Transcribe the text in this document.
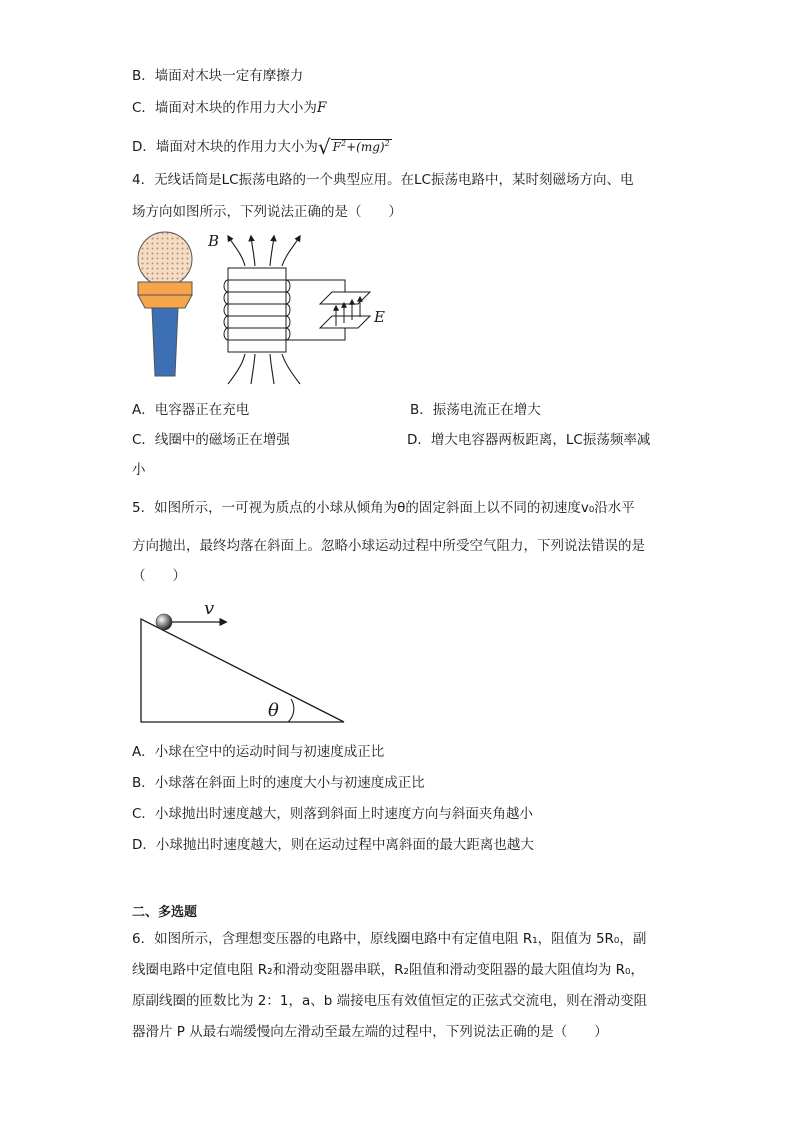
B．墙面对木块一定有摩擦力
C．墙面对木块的作用力大小为F
D．墙面对木块的作用力大小为√ $F^2+(mg)^2$
4．无线话筒是LC振荡电路的一个典型应用。在LC振荡电路中，某时刻磁场方向、电
场方向如图所示，下列说法正确的是（　　）
B
E
A．电容器正在充电	B．振荡电流正在增大
C．线圈中的磁场正在增强	D．增大电容器两板距离，LC振荡频率减
小
5．如图所示，一可视为质点的小球从倾角为θ的固定斜面上以不同的初速度v₀沿水平
方向抛出，最终均落在斜面上。忽略小球运动过程中所受空气阻力，下列说法错误的是
（　　）
v
θ
A．小球在空中的运动时间与初速度成正比
B．小球落在斜面上时的速度大小与初速度成正比
C．小球抛出时速度越大，则落到斜面上时速度方向与斜面夹角越小
D．小球抛出时速度越大，则在运动过程中离斜面的最大距离也越大
二、多选题
6．如图所示，含理想变压器的电路中，原线圈电路中有定值电阻 R₁，阻值为 5R₀，副
线圈电路中定值电阻 R₂和滑动变阻器串联，R₂阻值和滑动变阻器的最大阻值均为 R₀，
原副线圈的匝数比为 2：1，a、b 端接电压有效值恒定的正弦式交流电，则在滑动变阻
器滑片 P 从最右端缓慢向左滑动至最左端的过程中，下列说法正确的是（　　）
